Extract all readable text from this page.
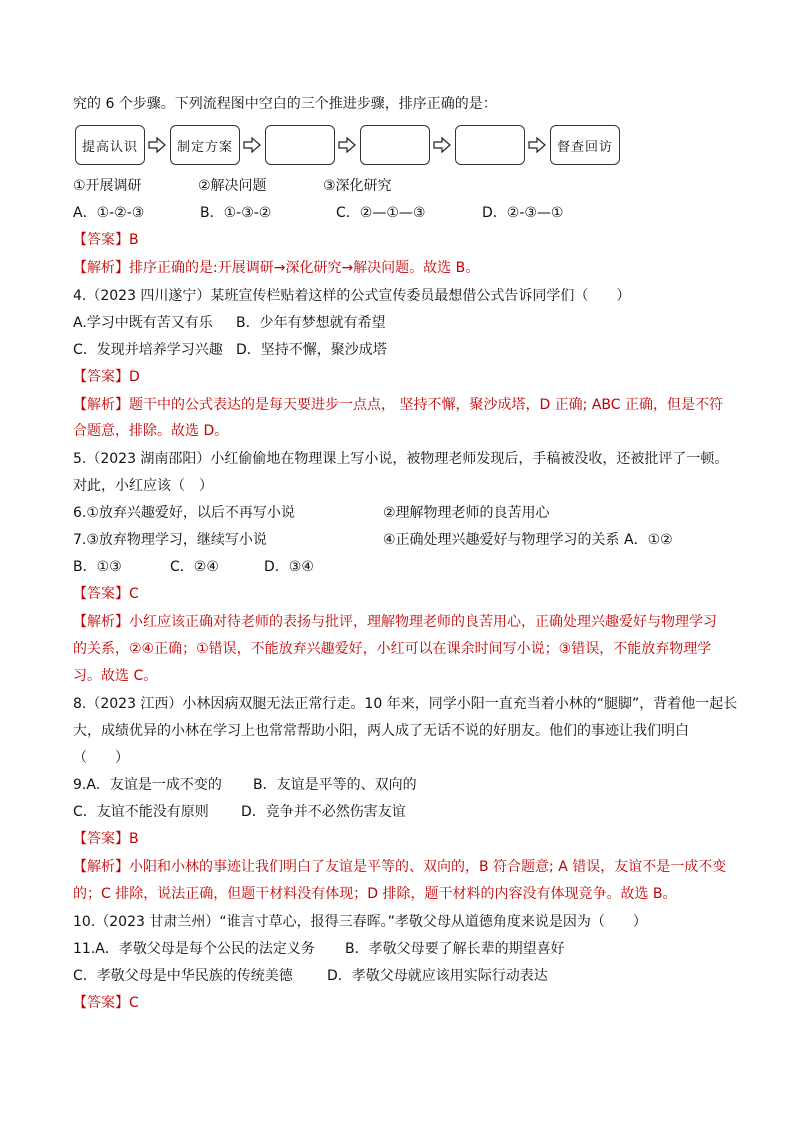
究的 6 个步骤。下列流程图中空白的三个推进步骤，排序正确的是：
提高认识	制定方案	督查回访
①开展调研	②解决问题	③深化研究
A．①-②-③	B．①-③-②	C．②—①—③	D．②-③—①
【答案】B
【解析】排序正确的是:开展调研→深化研究→解决问题。故选 B。
4.（2023 四川遂宁）某班宣传栏贴着这样的公式宣传委员最想借公式告诉同学们（　　）
A.学习中既有苦又有乐 B．少年有梦想就有希望
C．发现并培养学习兴趣 D．坚持不懈，聚沙成塔
【答案】D
【解析】题干中的公式表达的是每天要进步一点点， 坚持不懈，聚沙成塔，D 正确; ABC 正确，但是不符
合题意，排除。故选 D。
5.（2023 湖南邵阳）小红偷偷地在物理课上写小说，被物理老师发现后，手稿被没收，还被批评了一顿。
对此，小红应该（　）
6.①放弃兴趣爱好，以后不再写小说	②理解物理老师的良苦用心
7.③放弃物理学习，继续写小说	④正确处理兴趣爱好与物理学习的关系 A．①②
B．①③	C．②④	D．③④
【答案】C
【解析】小红应该正确对待老师的表扬与批评，理解物理老师的良苦用心，正确处理兴趣爱好与物理学习
的关系，②④正确；①错误，不能放弃兴趣爱好，小红可以在课余时间写小说；③错误，不能放弃物理学
习。故选 C。
8.（2023 江西）小林因病双腿无法正常行走。10 年来，同学小阳一直充当着小林的“腿脚”，背着他一起长
大，成绩优异的小林在学习上也常常帮助小阳，两人成了无话不说的好朋友。他们的事迹让我们明白
（　　）
9.A．友谊是一成不变的 B．友谊是平等的、双向的
C．友谊不能没有原则 D．竞争并不必然伤害友谊
【答案】B
【解析】小阳和小林的事迹让我们明白了友谊是平等的、双向的，B 符合题意; A 错误，友谊不是一成不变
的；C 排除，说法正确，但题干材料没有体现；D 排除，题干材料的内容没有体现竞争。故选 B。
10.（2023 甘肃兰州）“谁言寸草心，报得三春晖。”孝敬父母从道德角度来说是因为（　　）
11.A．孝敬父母是每个公民的法定义务 B．孝敬父母要了解长辈的期望喜好
C．孝敬父母是中华民族的传统美德 D．孝敬父母就应该用实际行动表达
【答案】C
